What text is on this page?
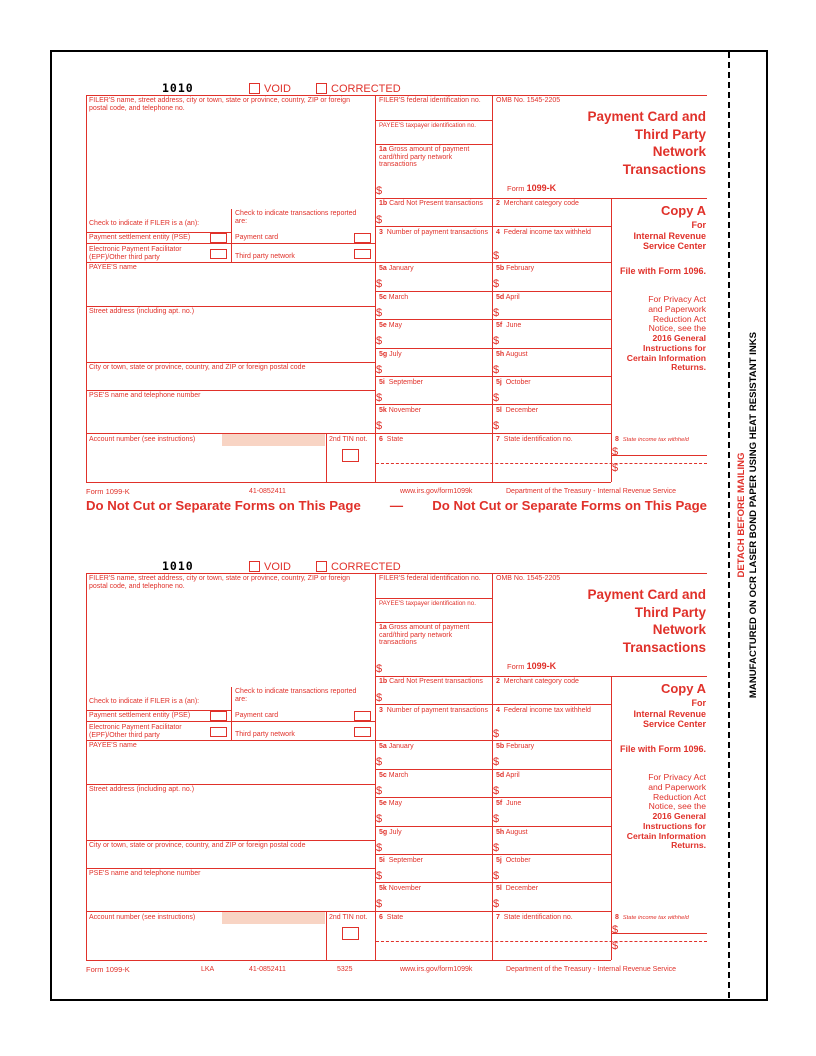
DETACH BEFORE MAILING MANUFACTURED ON OCR LASER BOND PAPER USING HEAT RESISTANT INKS
1010	VOID	CORRECTED
FILER'S name, street address, city or town, state or province, country, ZIP or foreign postal code, and telephone no.
FILER'S federal identification no.
PAYEE'S taxpayer identification no.
1a Gross amount of payment card/third party network transactions
$
OMB No. 1545-2205
Form 1099-K
Payment Card and
Third Party
Network
Transactions
1b Card Not Present transactions
$
2 Merchant category code
Check to indicate if FILER is a (an):
Check to indicate transactions reported are:
Payment settlement entity (PSE)
Electronic Payment Facilitator (EPF)/Other third party
Payment card
Third party network
3 Number of payment transactions 4 Federal income tax withheld
$
PAYEE'S name
Street address (including apt. no.)
City or town, state or province, country, and ZIP or foreign postal code
PSE'S name and telephone number
Account number (see instructions)	2nd TIN not.
5a January
$
5b February
$
5c March
$
5d April
$
5e May
$
5f June
$
5g July
$
5h August
$
5i September
$
5j October
$
5k November
$
5l December
$
6 State	7 State identification no.	8 State income tax withheld
$
$
Copy A
For
Internal Revenue
Service Center
File with Form 1096.
For Privacy Act
and Paperwork
Reduction Act
Notice, see the
2016 General
Instructions for
Certain Information
Returns.
Form 1099-K	41-0852411	www.irs.gov/form1099k	Department of the Treasury - Internal Revenue Service
Do Not Cut or Separate Forms on This Page — Do Not Cut or Separate Forms on This Page
1010	VOID	CORRECTED
FILER'S name, street address, city or town, state or province, country, ZIP or foreign postal code, and telephone no.
FILER'S federal identification no.
PAYEE'S taxpayer identification no.
1a Gross amount of payment card/third party network transactions
$
OMB No. 1545-2205
Form 1099-K
Payment Card and
Third Party
Network
Transactions
1b Card Not Present transactions
$
2 Merchant category code
Check to indicate if FILER is a (an):
Check to indicate transactions reported are:
Payment settlement entity (PSE)
Electronic Payment Facilitator (EPF)/Other third party
Payment card
Third party network
3 Number of payment transactions 4 Federal income tax withheld
$
PAYEE'S name
Street address (including apt. no.)
City or town, state or province, country, and ZIP or foreign postal code
PSE'S name and telephone number
Account number (see instructions)	2nd TIN not.
5a January
$
5b February
$
5c March
$
5d April
$
5e May
$
5f June
$
5g July
$
5h August
$
5i September
$
5j October
$
5k November
$
5l December
$
6 State	7 State identification no.	8 State income tax withheld
$
$
Copy A
For
Internal Revenue
Service Center
File with Form 1096.
For Privacy Act
and Paperwork
Reduction Act
Notice, see the
2016 General
Instructions for
Certain Information
Returns.
Form 1099-K	LKA	41-0852411	5325	www.irs.gov/form1099k	Department of the Treasury - Internal Revenue Service
